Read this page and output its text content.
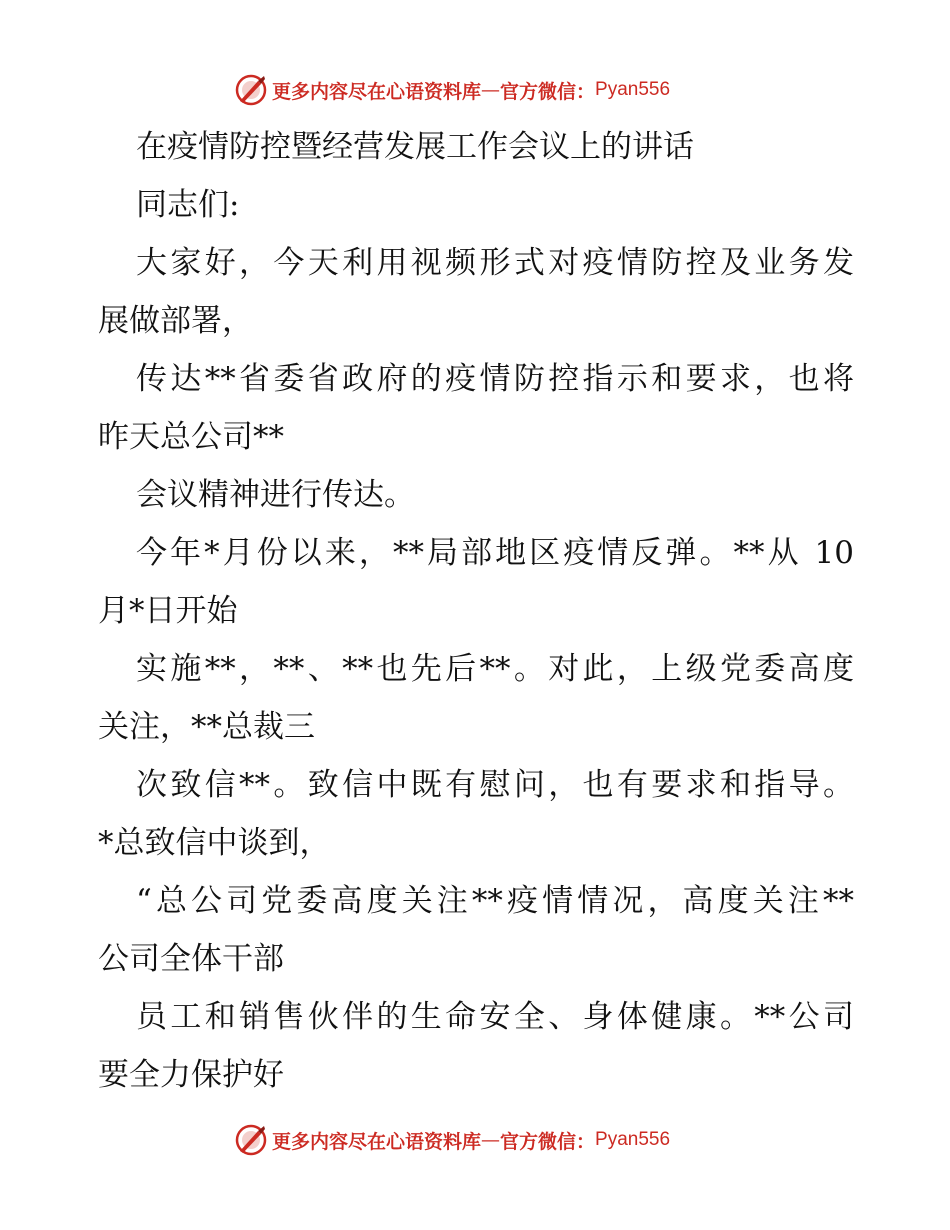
更多内容尽在心语资料库 — 官方微信： Pyan556
在疫情防控暨经营发展工作会议上的讲话
同志们:
大家好，今天利用视频形式对疫情防控及业务发
展做部署，
传达**省委省政府的疫情防控指示和要求，也将
昨天总公司**
会议精神进行传达。
今年*月份以来，**局部地区疫情反弹。**从 10
月*日开始
实施**，**、**也先后**。对此，上级党委高度
关注，**总裁三
次致信**。致信中既有慰问，也有要求和指导。
*总致信中谈到，
“总公司党委高度关注**疫情情况，高度关注**
公司全体干部
员工和销售伙伴的生命安全、身体健康。**公司
要全力保护好
更多内容尽在心语资料库 — 官方微信： Pyan556
